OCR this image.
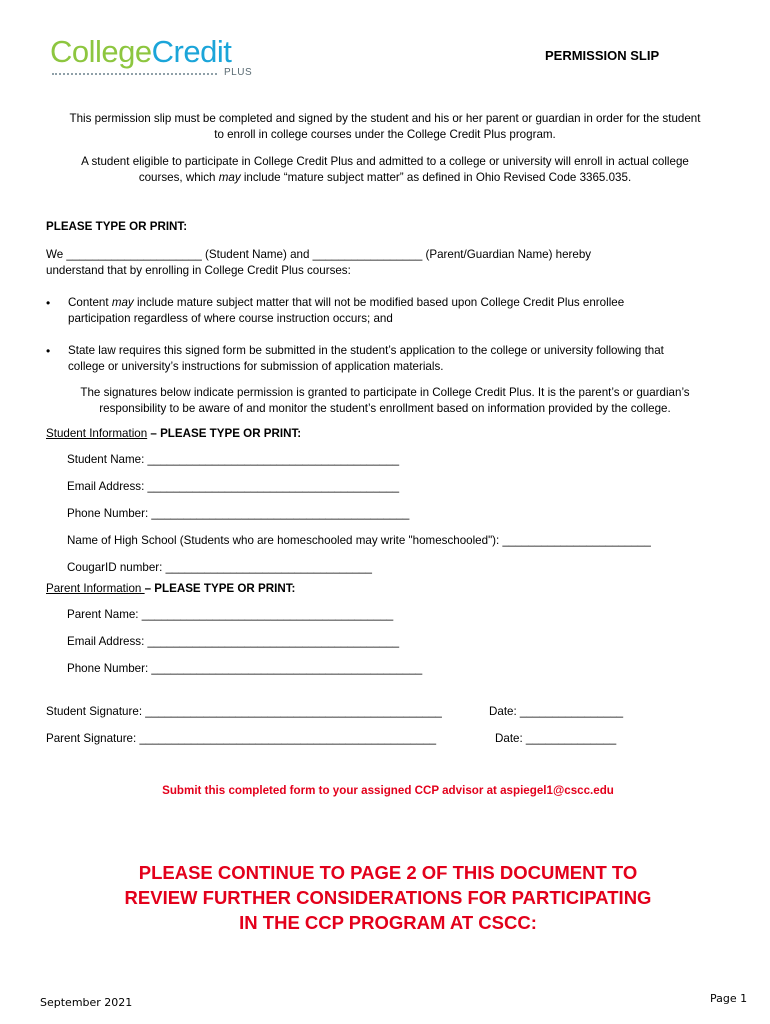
CollegeCredit
PLUS
PERMISSION SLIP
This permission slip must be completed and signed by the student and his or her parent or guardian in order for the student
to enroll in college courses under the College Credit Plus program.
A student eligible to participate in College Credit Plus and admitted to a college or university will enroll in actual college
courses, which may include “mature subject matter” as defined in Ohio Revised Code 3365.035.
PLEASE TYPE OR PRINT:
We _____________________ (Student Name) and _________________ (Parent/Guardian Name) hereby
understand that by enrolling in College Credit Plus courses:
• Content may include mature subject matter that will not be modified based upon College Credit Plus enrollee
participation regardless of where course instruction occurs; and
• State law requires this signed form be submitted in the student’s application to the college or university following that
college or university’s instructions for submission of application materials.
The signatures below indicate permission is granted to participate in College Credit Plus. It is the parent’s or guardian’s
responsibility to be aware of and monitor the student’s enrollment based on information provided by the college.
Student Information – PLEASE TYPE OR PRINT:
Student Name: _______________________________________
Email Address: _______________________________________
Phone Number: ________________________________________
Name of High School (Students who are homeschooled may write "homeschooled"): _______________________
CougarID number: ________________________________
Parent Information – PLEASE TYPE OR PRINT:
Parent Name: _______________________________________
Email Address: _______________________________________
Phone Number: __________________________________________
Student Signature: ______________________________________________	Date: ________________
Parent Signature: ______________________________________________	Date: ______________
Submit this completed form to your assigned CCP advisor at aspiegel1@cscc.edu
PLEASE CONTINUE TO PAGE 2 OF THIS DOCUMENT TO
REVIEW FURTHER CONSIDERATIONS FOR PARTICIPATING
IN THE CCP PROGRAM AT CSCC:
September 2021	Page 1
